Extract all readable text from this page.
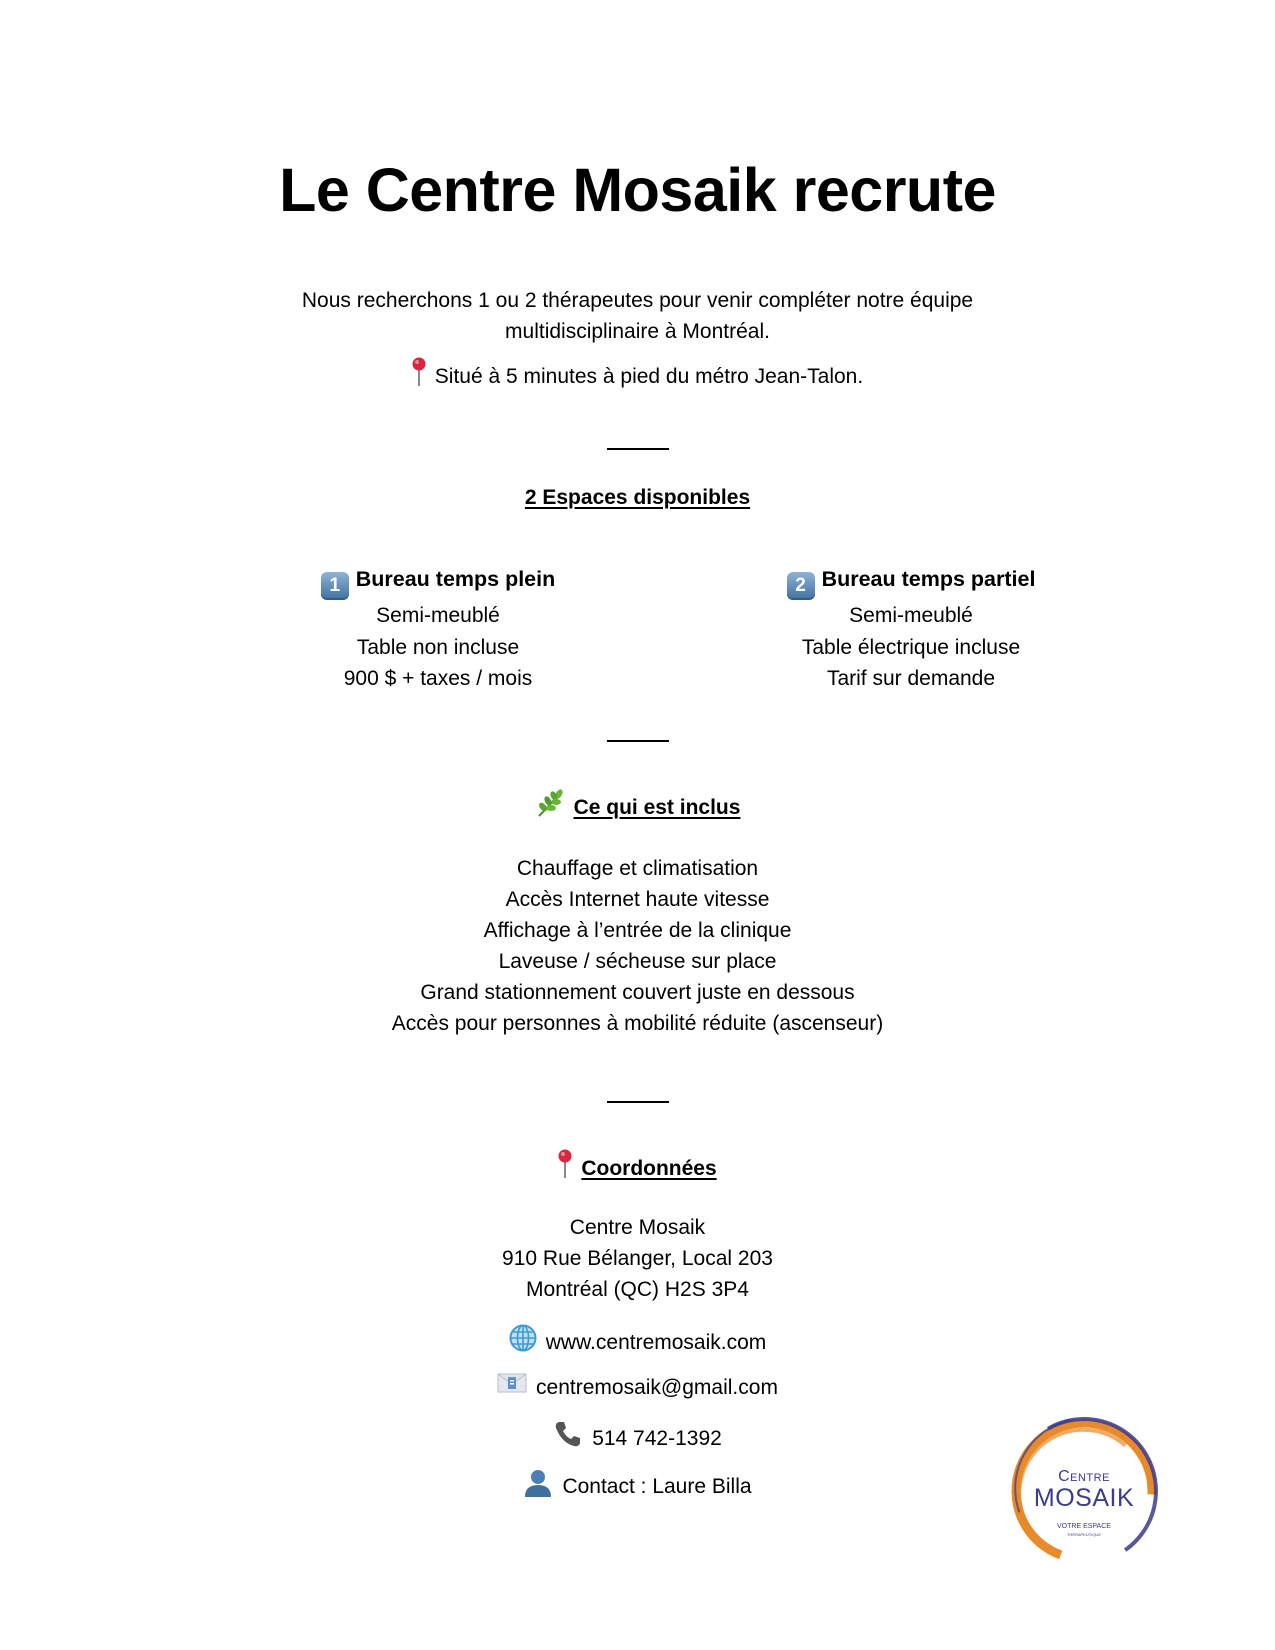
Le Centre Mosaik recrute
Nous recherchons 1 ou 2 thérapeutes pour venir compléter notre équipe
multidisciplinaire à Montréal.
Situé à 5 minutes à pied du métro Jean-Talon.
2 Espaces disponibles
1 Bureau temps plein
Semi-meublé
Table non incluse
900 $ + taxes / mois
2 Bureau temps partiel
Semi-meublé
Table électrique incluse
Tarif sur demande
Ce qui est inclus
Chauffage et climatisation
Accès Internet haute vitesse
Affichage à l’entrée de la clinique
Laveuse / sécheuse sur place
Grand stationnement couvert juste en dessous
Accès pour personnes à mobilité réduite (ascenseur)
Coordonnées
Centre Mosaik
910 Rue Bélanger, Local 203
Montréal (QC) H2S 3P4
www.centremosaik.com
centremosaik@gmail.com
514 742-1392
Contact : Laure Billa	Centre
MOSAIK
VOTRE ESPACE
THÉRAPEUTIQUE
